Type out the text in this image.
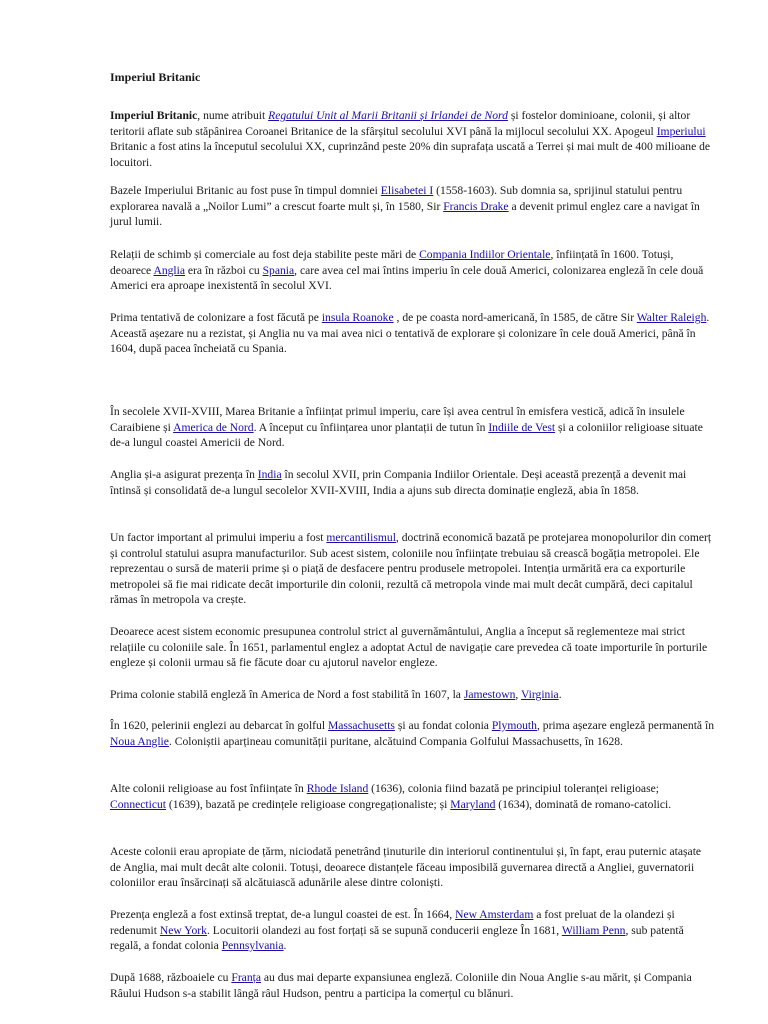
Imperiul Britanic

Imperiul Britanic, nume atribuit Regatului Unit al Marii Britanii și Irlandei de Nord și fostelor dominioane, colonii, și altor teritorii aflate sub stăpânirea Coroanei Britanice de la sfârșitul secolului XVI până la mijlocul secolului XX. Apogeul Imperiului Britanic a fost atins la începutul secolului XX, cuprinzând peste 20% din suprafața uscată a Terrei și mai mult de 400 milioane de locuitori.

Bazele Imperiului Britanic au fost puse în timpul domniei Elisabetei I (1558-1603). Sub domnia sa, sprijinul statului pentru explorarea navală a „Noilor Lumi” a crescut foarte mult și, în 1580, Sir Francis Drake a devenit primul englez care a navigat în jurul lumii.

Relații de schimb și comerciale au fost deja stabilite peste mări de Compania Indiilor Orientale, înființată în 1600. Totuși, deoarece Anglia era în război cu Spania, care avea cel mai întins imperiu în cele două Americi, colonizarea engleză în cele două Americi era aproape inexistentă în secolul XVI.

Prima tentativă de colonizare a fost făcută pe insula Roanoke , de pe coasta nord-americană, în 1585, de către Sir Walter Raleigh. Această așezare nu a rezistat, și Anglia nu va mai avea nici o tentativă de explorare și colonizare în cele două Americi, până în 1604, după pacea încheiată cu Spania.

În secolele XVII-XVIII, Marea Britanie a înființat primul imperiu, care își avea centrul în emisfera vestică, adică în insulele Caraibiene și America de Nord. A început cu înființarea unor plantații de tutun în Indiile de Vest și a coloniilor religioase situate de-a lungul coastei Americii de Nord.

Anglia și-a asigurat prezența în India în secolul XVII, prin Compania Indiilor Orientale. Deși această prezență a devenit mai întinsă și consolidată de-a lungul secolelor XVII-XVIII, India a ajuns sub directa dominație engleză, abia în 1858.

Un factor important al primului imperiu a fost mercantilismul, doctrină economică bazată pe protejarea monopolurilor din comerț și controlul statului asupra manufacturilor. Sub acest sistem, coloniile nou înființate trebuiau să crească bogăția metropolei. Ele reprezentau o sursă de materii prime și o piață de desfacere pentru produsele metropolei. Intenția urmărită era ca exporturile metropolei să fie mai ridicate decât importurile din colonii, rezultă că metropola vinde mai mult decât cumpără, deci capitalul rămas în metropola va crește.

Deoarece acest sistem economic presupunea controlul strict al guvernământului, Anglia a început să reglementeze mai strict relațiile cu coloniile sale. În 1651, parlamentul englez a adoptat Actul de navigație care prevedea că toate importurile în porturile engleze și colonii urmau să fie făcute doar cu ajutorul navelor engleze.

Prima colonie stabilă engleză în America de Nord a fost stabilită în 1607, la Jamestown, Virginia.

În 1620, pelerinii englezi au debarcat în golful Massachusetts și au fondat colonia Plymouth, prima așezare engleză permanentă în Noua Anglie. Coloniștii aparțineau comunității puritane, alcătuind Compania Golfului Massachusetts, în 1628.

Alte colonii religioase au fost înființate în Rhode Island (1636), colonia fiind bazată pe principiul toleranței religioase; Connecticut (1639), bazată pe credințele religioase congregaționaliste; și Maryland (1634), dominată de romano-catolici.

Aceste colonii erau apropiate de țărm, niciodată penetrând ținuturile din interiorul continentului și, în fapt, erau puternic atașate de Anglia, mai mult decât alte colonii. Totuși, deoarece distanțele făceau imposibilă guvernarea directă a Angliei, guvernatorii coloniilor erau însărcinați să alcătuiască adunările alese dintre coloniști.

Prezența engleză a fost extinsă treptat, de-a lungul coastei de est. În 1664, New Amsterdam a fost preluat de la olandezi și redenumit New York. Locuitorii olandezi au fost forțați să se supună conducerii engleze În 1681, William Penn, sub patentă regală, a fondat colonia Pennsylvania.

După 1688, războaiele cu Franța au dus mai departe expansiunea engleză. Coloniile din Noua Anglie s-au mărit, și Compania Râului Hudson s-a stabilit lângă râul Hudson, pentru a participa la comerțul cu blănuri.
